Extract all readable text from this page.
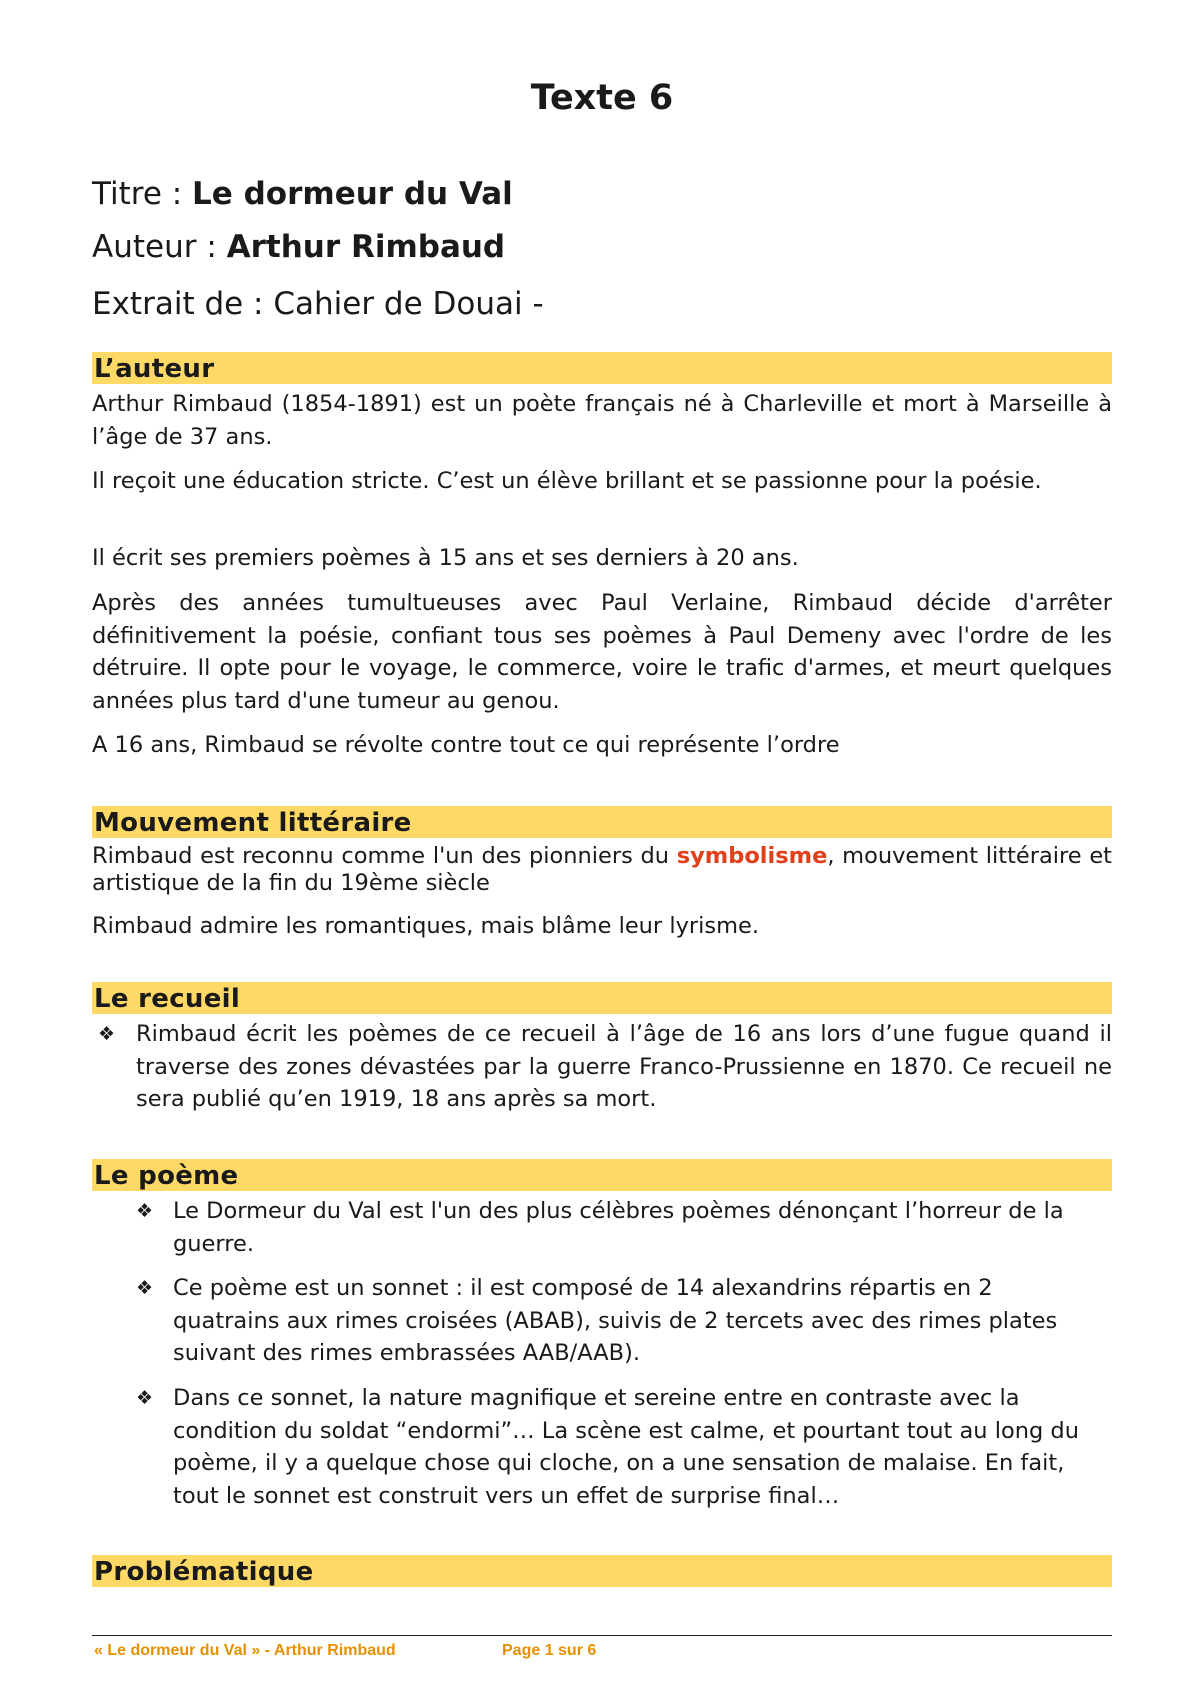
Texte 6

Titre : Le dormeur du Val

Auteur : Arthur Rimbaud

Extrait de : Cahier de Douai -

L’auteur

Arthur Rimbaud (1854-1891) est un poète français né à Charleville et mort à Marseille à l’âge de 37 ans.

Il reçoit une éducation stricte. C’est un élève brillant et se passionne pour la poésie.

Il écrit ses premiers poèmes à 15 ans et ses derniers à 20 ans.

Après des années tumultueuses avec Paul Verlaine, Rimbaud décide d'arrêter définitivement la poésie, confiant tous ses poèmes à Paul Demeny avec l'ordre de les détruire. Il opte pour le voyage, le commerce, voire le trafic d'armes, et meurt quelques années plus tard d'une tumeur au genou.

A 16 ans, Rimbaud se révolte contre tout ce qui représente l’ordre

Mouvement littéraire

Rimbaud est reconnu comme l'un des pionniers du symbolisme, mouvement littéraire et artistique de la fin du 19ème siècle

Rimbaud admire les romantiques, mais blâme leur lyrisme.

Le recueil
❖ Rimbaud écrit les poèmes de ce recueil à l’âge de 16 ans lors d’une fugue quand il traverse des zones dévastées par la guerre Franco-Prussienne en 1870. Ce recueil ne sera publié qu’en 1919, 18 ans après sa mort.

Le poème
❖ Le Dormeur du Val est l'un des plus célèbres poèmes dénonçant l’horreur de la guerre.

❖ Ce poème est un sonnet : il est composé de 14 alexandrins répartis en 2 quatrains aux rimes croisées (ABAB), suivis de 2 tercets avec des rimes plates suivant des rimes embrassées AAB/AAB).

❖ Dans ce sonnet, la nature magnifique et sereine entre en contraste avec la condition du soldat “endormi”… La scène est calme, et pourtant tout au long du poème, il y a quelque chose qui cloche, on a une sensation de malaise. En fait, tout le sonnet est construit vers un effet de surprise final…

Problématique
« Le dormeur du Val » - Arthur Rimbaud	Page 1 sur 6
